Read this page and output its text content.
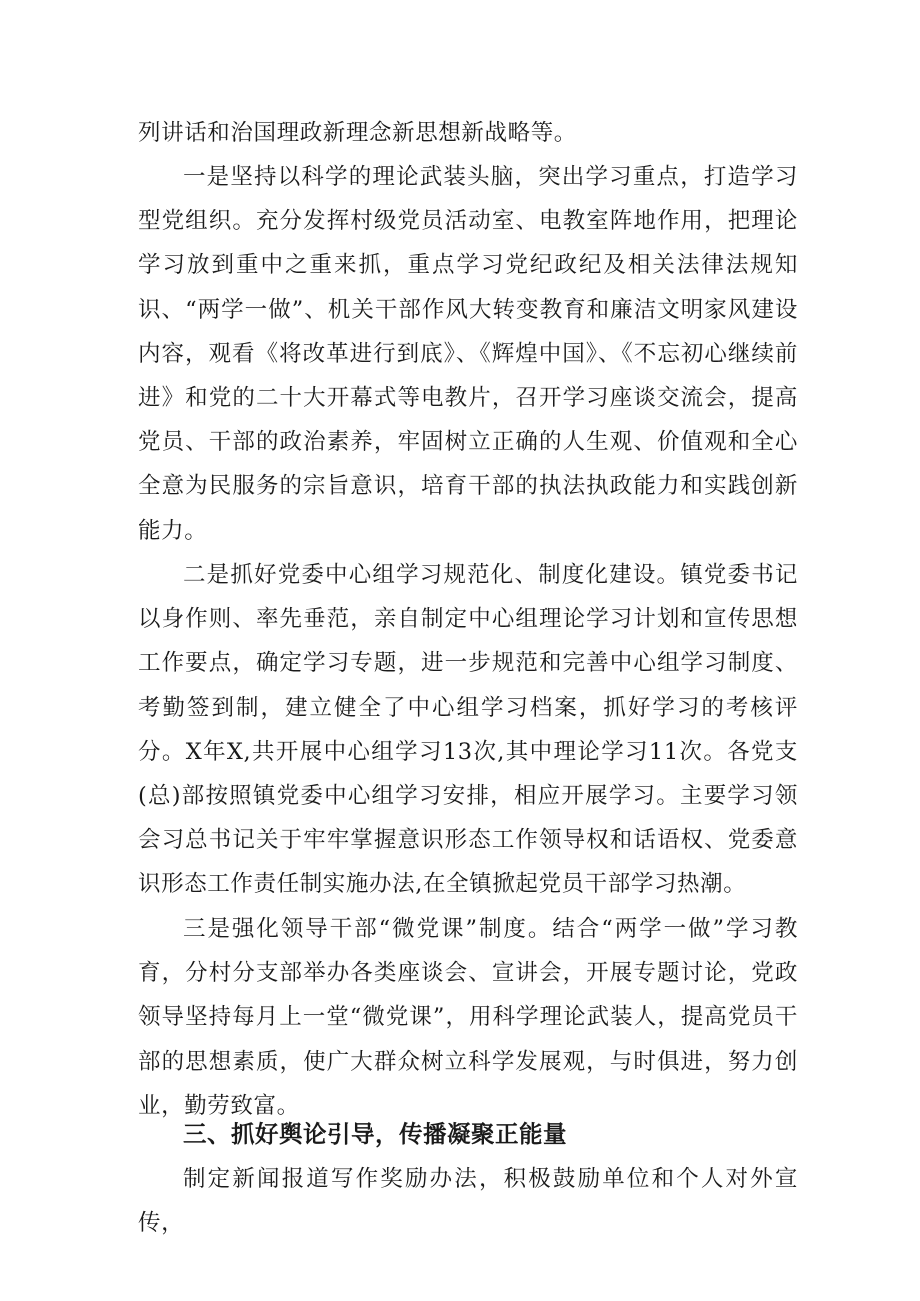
列讲话和治国理政新理念新思想新战略等。

一是坚持以科学的理论武装头脑，突出学习重点，打造学习型党组织。充分发挥村级党员活动室、电教室阵地作用，把理论学习放到重中之重来抓，重点学习党纪政纪及相关法律法规知识、“两学一做”、机关干部作风大转变教育和廉洁文明家风建设内容，观看《将改革进行到底》、《辉煌中国》、《不忘初心继续前进》和党的二十大开幕式等电教片，召开学习座谈交流会，提高党员、干部的政治素养，牢固树立正确的人生观、价值观和全心全意为民服务的宗旨意识，培育干部的执法执政能力和实践创新能力。

二是抓好党委中心组学习规范化、制度化建设。镇党委书记以身作则、率先垂范，亲自制定中心组理论学习计划和宣传思想工作要点，确定学习专题，进一步规范和完善中心组学习制度、考勤签到制，建立健全了中心组学习档案，抓好学习的考核评分。X年X,共开展中心组学习13次,其中理论学习11次。各党支(总)部按照镇党委中心组学习安排，相应开展学习。主要学习领会习总书记关于牢牢掌握意识形态工作领导权和话语权、党委意识形态工作责任制实施办法,在全镇掀起党员干部学习热潮。

三是强化领导干部“微党课”制度。结合“两学一做”学习教育，分村分支部举办各类座谈会、宣讲会，开展专题讨论，党政领导坚持每月上一堂“微党课”，用科学理论武装人，提高党员干部的思想素质，使广大群众树立科学发展观，与时俱进，努力创业，勤劳致富。

三、抓好舆论引导，传播凝聚正能量

制定新闻报道写作奖励办法，积极鼓励单位和个人对外宣传，
